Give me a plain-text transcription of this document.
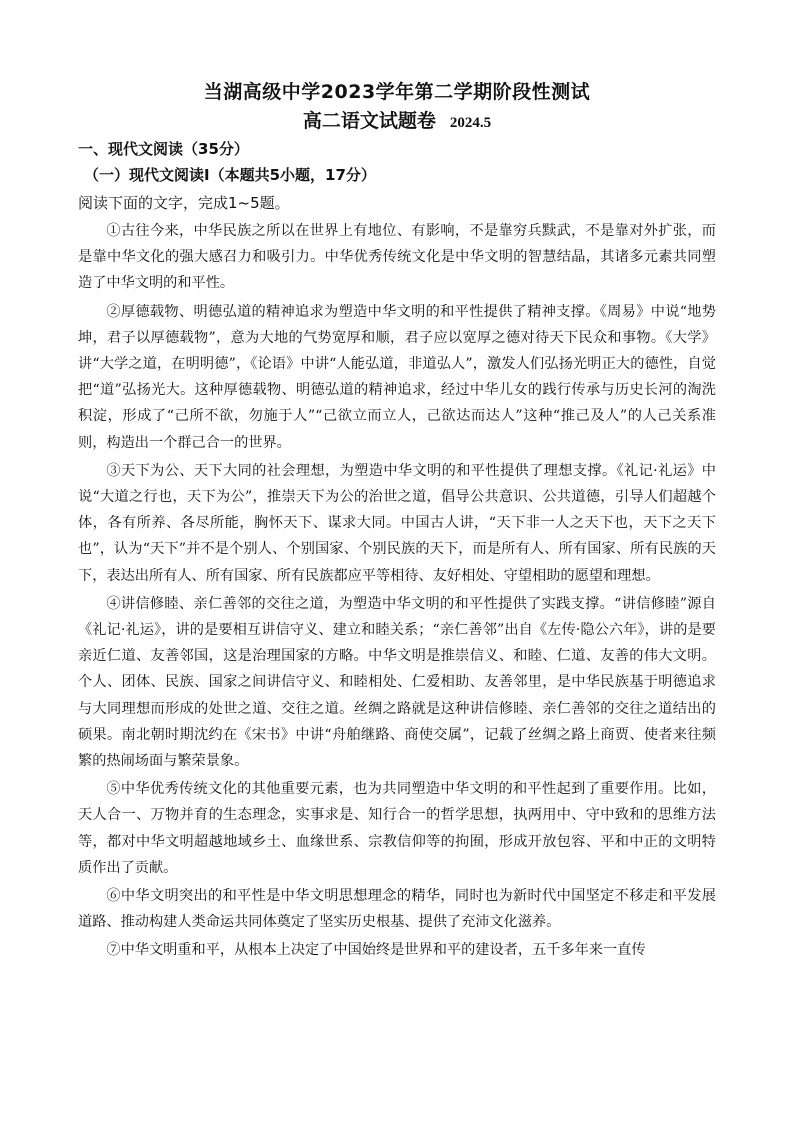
当湖高级中学2023学年第二学期阶段性测试
高二语文试题卷 2024.5
一、现代文阅读（35分）
（一）现代文阅读Ⅰ（本题共5小题，17分）
阅读下面的文字，完成1~5题。

①古往今来，中华民族之所以在世界上有地位、有影响，不是靠穷兵黩武，不是靠对外扩张，而是靠中华文化的强大感召力和吸引力。中华优秀传统文化是中华文明的智慧结晶，其诸多元素共同塑造了中华文明的和平性。

②厚德载物、明德弘道的精神追求为塑造中华文明的和平性提供了精神支撑。《周易》中说“地势坤，君子以厚德载物”，意为大地的气势宽厚和顺，君子应以宽厚之德对待天下民众和事物。《大学》讲“大学之道，在明明德”，《论语》中讲“人能弘道，非道弘人”，激发人们弘扬光明正大的德性，自觉把“道”弘扬光大。这种厚德载物、明德弘道的精神追求，经过中华儿女的践行传承与历史长河的淘洗积淀，形成了“己所不欲，勿施于人”“己欲立而立人，己欲达而达人”这种“推己及人”的人己关系准则，构造出一个群己合一的世界。

③天下为公、天下大同的社会理想，为塑造中华文明的和平性提供了理想支撑。《礼记·礼运》中说“大道之行也，天下为公”，推崇天下为公的治世之道，倡导公共意识、公共道德，引导人们超越个体，各有所养、各尽所能，胸怀天下、谋求大同。中国古人讲，“天下非一人之天下也，天下之天下也”，认为“天下”并不是个别人、个别国家、个别民族的天下，而是所有人、所有国家、所有民族的天下，表达出所有人、所有国家、所有民族都应平等相待、友好相处、守望相助的愿望和理想。

④讲信修睦、亲仁善邻的交往之道，为塑造中华文明的和平性提供了实践支撑。“讲信修睦”源自《礼记·礼运》，讲的是要相互讲信守义、建立和睦关系；“亲仁善邻”出自《左传·隐公六年》，讲的是要亲近仁道、友善邻国，这是治理国家的方略。中华文明是推崇信义、和睦、仁道、友善的伟大文明。个人、团体、民族、国家之间讲信守义、和睦相处、仁爱相助、友善邻里，是中华民族基于明德追求与大同理想而形成的处世之道、交往之道。丝绸之路就是这种讲信修睦、亲仁善邻的交往之道结出的硕果。南北朝时期沈约在《宋书》中讲“舟舶继路、商使交属”，记载了丝绸之路上商贾、使者来往频繁的热闹场面与繁荣景象。

⑤中华优秀传统文化的其他重要元素，也为共同塑造中华文明的和平性起到了重要作用。比如，天人合一、万物并育的生态理念，实事求是、知行合一的哲学思想，执两用中、守中致和的思维方法等，都对中华文明超越地域乡土、血缘世系、宗教信仰等的拘囿，形成开放包容、平和中正的文明特质作出了贡献。

⑥中华文明突出的和平性是中华文明思想理念的精华，同时也为新时代中国坚定不移走和平发展道路、推动构建人类命运共同体奠定了坚实历史根基、提供了充沛文化滋养。

⑦中华文明重和平，从根本上决定了中国始终是世界和平的建设者，五千多年来一直传
